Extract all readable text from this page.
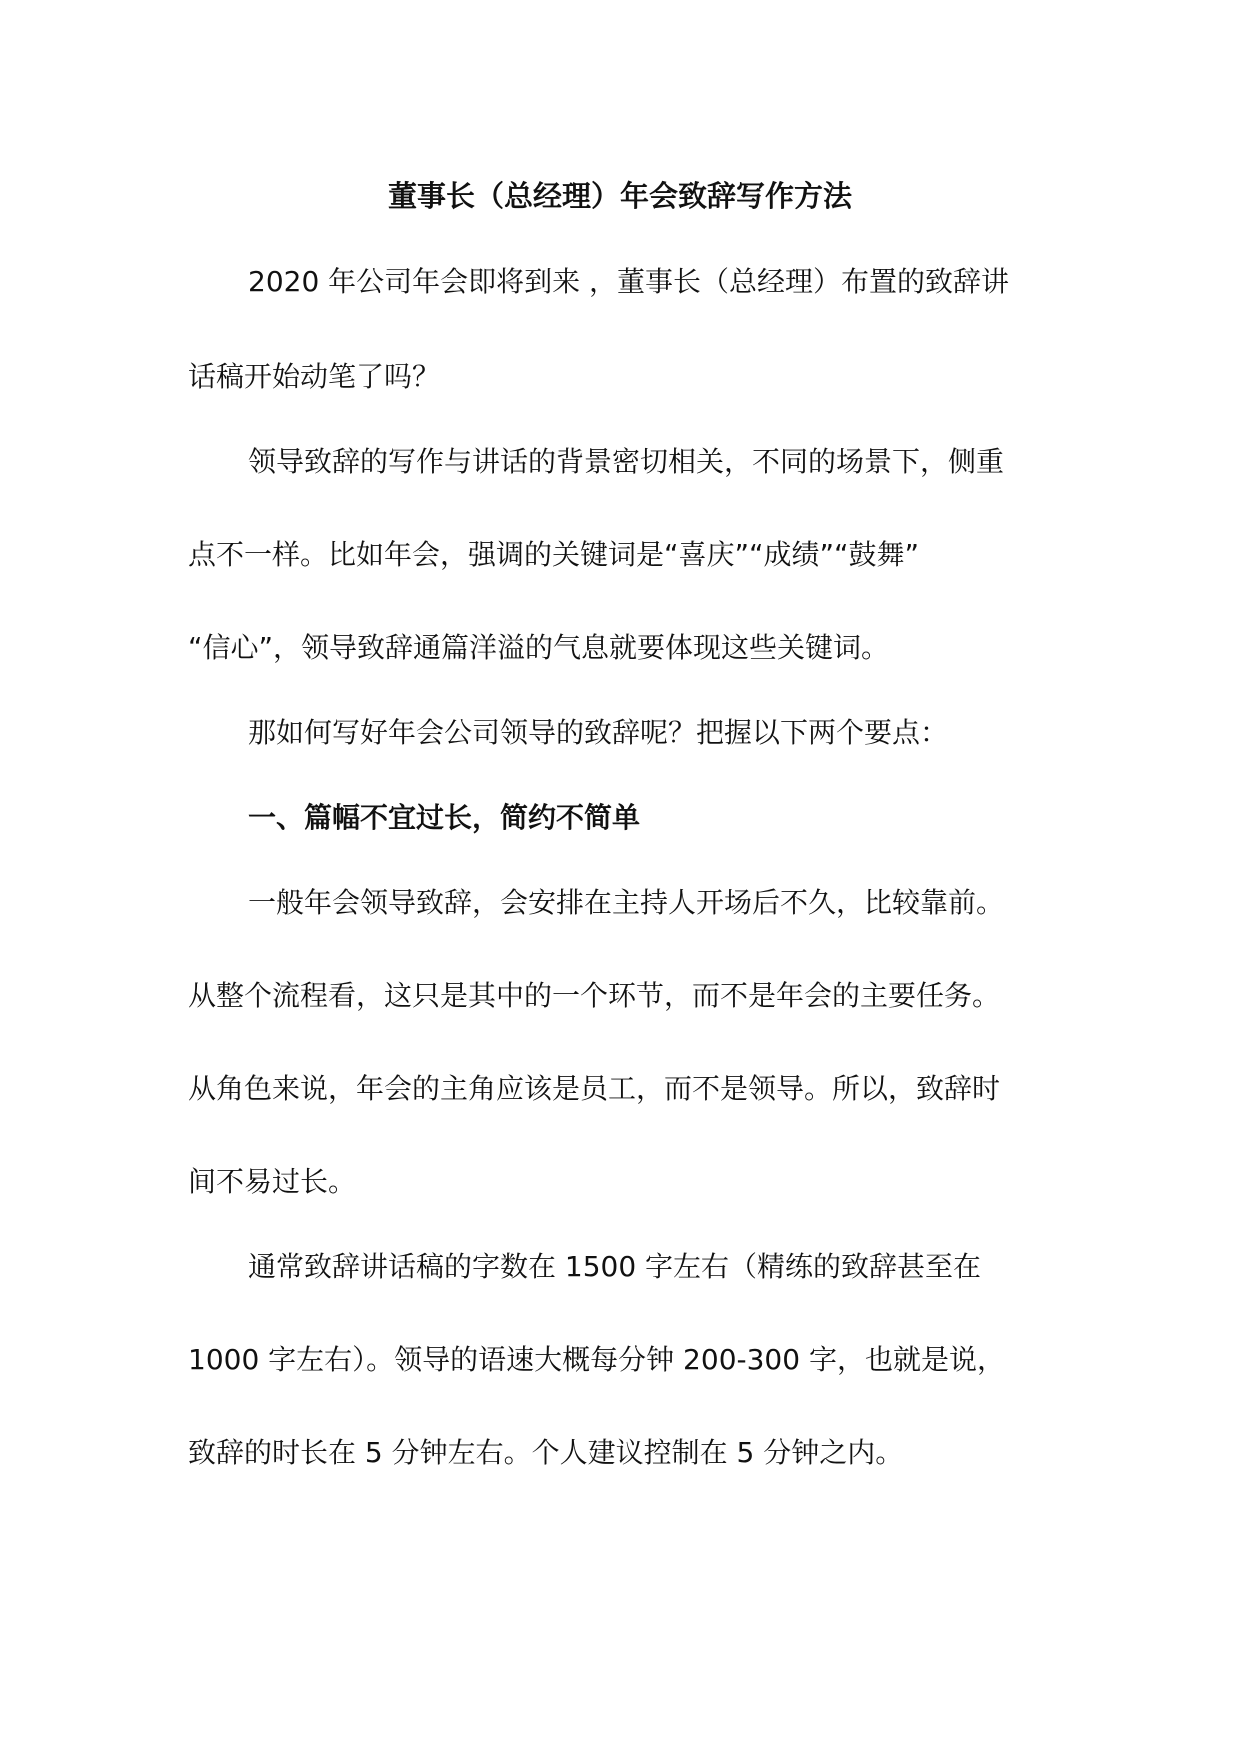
董事长（总经理）年会致辞写作方法
2020 年公司年会即将到来 ，董事长（总经理）布置的致辞讲
话稿开始动笔了吗？
领导致辞的写作与讲话的背景密切相关，不同的场景下，侧重
点不一样。比如年会，强调的关键词是“喜庆”“成绩”“鼓舞”
“信心”，领导致辞通篇洋溢的气息就要体现这些关键词。
那如何写好年会公司领导的致辞呢？把握以下两个要点：
一、篇幅不宜过长，简约不简单
一般年会领导致辞，会安排在主持人开场后不久，比较靠前。
从整个流程看，这只是其中的一个环节，而不是年会的主要任务。
从角色来说，年会的主角应该是员工，而不是领导。所以，致辞时
间不易过长。
通常致辞讲话稿的字数在 1500 字左右（精练的致辞甚至在
1000 字左右）。领导的语速大概每分钟 200-300 字，也就是说，
致辞的时长在 5 分钟左右。个人建议控制在 5 分钟之内。
